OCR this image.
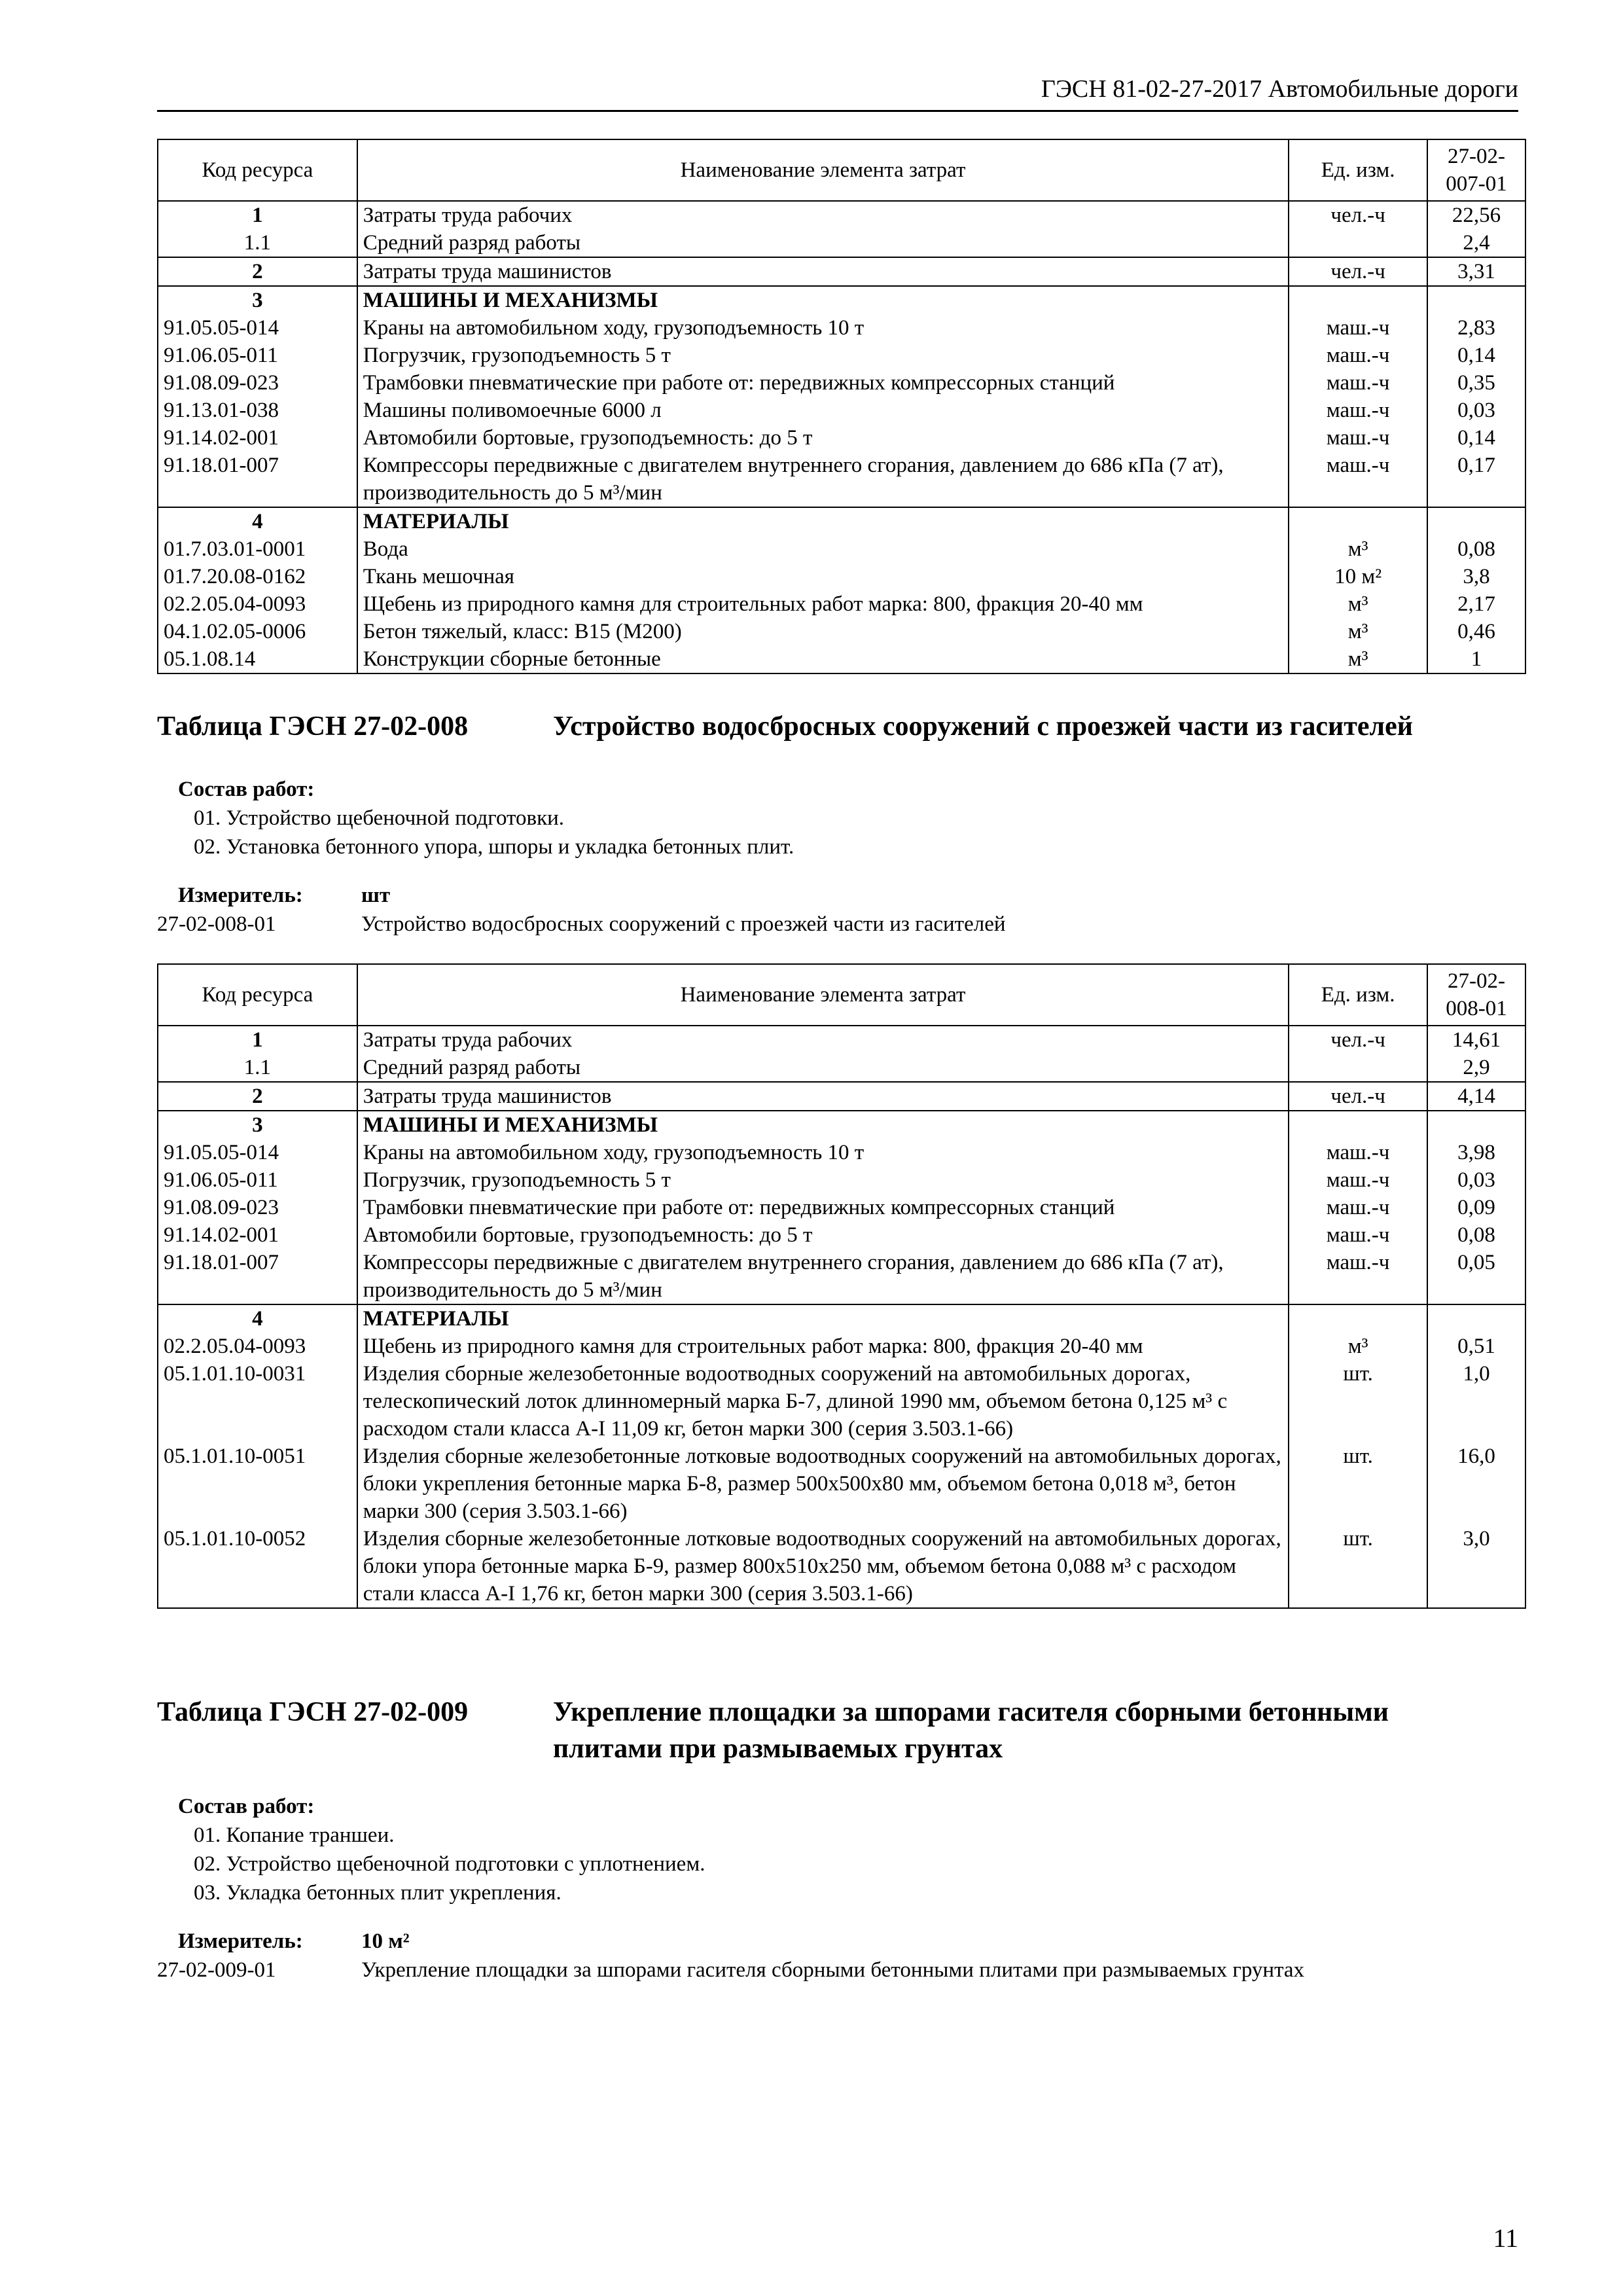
ГЭСН 81-02-27-2017 Автомобильные дороги
Код ресурса	Наименование элемента затрат	Ед. изм.	27-02-
007-01
1	Затраты труда рабочих	чел.-ч	22,56
1.1	Средний разряд работы		2,4
2	Затраты труда машинистов	чел.-ч	3,31
3	МАШИНЫ И МЕХАНИЗМЫ		
91.05.05-014	Краны на автомобильном ходу, грузоподъемность 10 т	маш.-ч	2,83
91.06.05-011	Погрузчик, грузоподъемность 5 т	маш.-ч	0,14
91.08.09-023	Трамбовки пневматические при работе от: передвижных компрессорных станций	маш.-ч	0,35
91.13.01-038	Машины поливомоечные 6000 л	маш.-ч	0,03
91.14.02-001	Автомобили бортовые, грузоподъемность: до 5 т	маш.-ч	0,14
91.18.01-007	Компрессоры передвижные с двигателем внутреннего сгорания, давлением до 686 кПа (7 ат), производительность до 5 м³/мин	маш.-ч	0,17
4	МАТЕРИАЛЫ		
01.7.03.01-0001	Вода	м³	0,08
01.7.20.08-0162	Ткань мешочная	10 м²	3,8
02.2.05.04-0093	Щебень из природного камня для строительных работ марка: 800, фракция 20-40 мм	м³	2,17
04.1.02.05-0006	Бетон тяжелый, класс: В15 (М200)	м³	0,46
05.1.08.14	Конструкции сборные бетонные	м³	1
Таблица ГЭСН 27-02-008	Устройство водосбросных сооружений с проезжей части из гасителей
Состав работ:
01. Устройство щебеночной подготовки.
02. Установка бетонного упора, шпоры и укладка бетонных плит.
Измеритель:	шт
27-02-008-01	Устройство водосбросных сооружений с проезжей части из гасителей
Код ресурса	Наименование элемента затрат	Ед. изм.	27-02-
008-01
1	Затраты труда рабочих	чел.-ч	14,61
1.1	Средний разряд работы		2,9
2	Затраты труда машинистов	чел.-ч	4,14
3	МАШИНЫ И МЕХАНИЗМЫ		
91.05.05-014	Краны на автомобильном ходу, грузоподъемность 10 т	маш.-ч	3,98
91.06.05-011	Погрузчик, грузоподъемность 5 т	маш.-ч	0,03
91.08.09-023	Трамбовки пневматические при работе от: передвижных компрессорных станций	маш.-ч	0,09
91.14.02-001	Автомобили бортовые, грузоподъемность: до 5 т	маш.-ч	0,08
91.18.01-007	Компрессоры передвижные с двигателем внутреннего сгорания, давлением до 686 кПа (7 ат), производительность до 5 м³/мин	маш.-ч	0,05
4	МАТЕРИАЛЫ		
02.2.05.04-0093	Щебень из природного камня для строительных работ марка: 800, фракция 20-40 мм	м³	0,51
05.1.01.10-0031	Изделия сборные железобетонные водоотводных сооружений на автомобильных дорогах, телескопический лоток длинномерный марка Б-7, длиной 1990 мм, объемом бетона 0,125 м³ с расходом стали класса А-I 11,09 кг, бетон марки 300 (серия 3.503.1-66)	шт.	1,0
05.1.01.10-0051	Изделия сборные железобетонные лотковые водоотводных сооружений на автомобильных дорогах, блоки укрепления бетонные марка Б-8, размер 500х500х80 мм, объемом бетона 0,018 м³, бетон марки 300 (серия 3.503.1-66)	шт.	16,0
05.1.01.10-0052	Изделия сборные железобетонные лотковые водоотводных сооружений на автомобильных дорогах, блоки упора бетонные марка Б-9, размер 800х510х250 мм, объемом бетона 0,088 м³ с расходом стали класса А-I 1,76 кг, бетон марки 300 (серия 3.503.1-66)	шт.	3,0
Таблица ГЭСН 27-02-009	Укрепление площадки за шпорами гасителя сборными бетонными плитами при размываемых грунтах
Состав работ:
01. Копание траншеи.
02. Устройство щебеночной подготовки с уплотнением.
03. Укладка бетонных плит укрепления.
Измеритель:	10 м²
27-02-009-01	Укрепление площадки за шпорами гасителя сборными бетонными плитами при размываемых грунтах
11
